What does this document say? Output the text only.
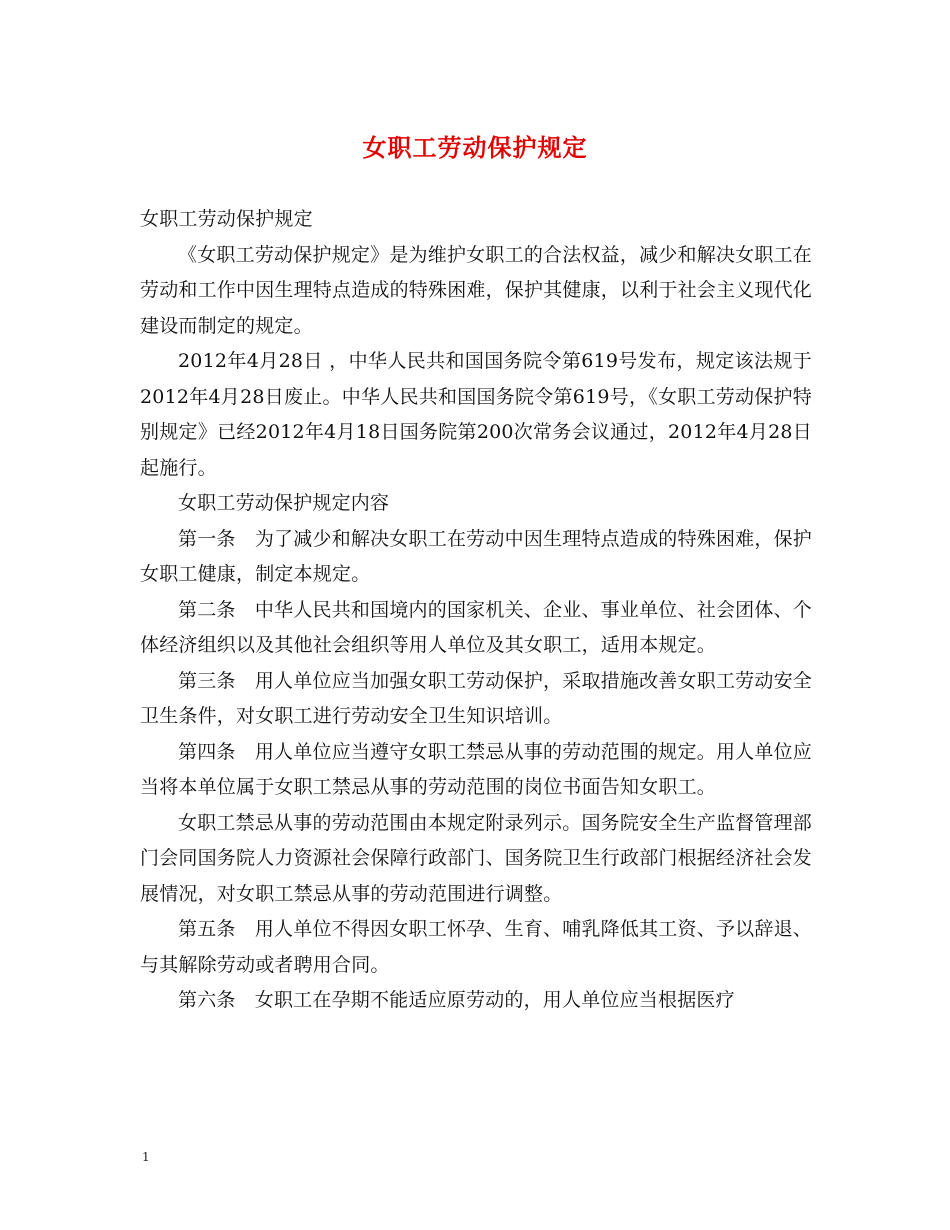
女职工劳动保护规定

女职工劳动保护规定

《女职工劳动保护规定》是为维护女职工的合法权益，减少和解决女职工在劳动和工作中因生理特点造成的特殊困难，保护其健康，以利于社会主义现代化建设而制定的规定。

2012年4月28日 ，中华人民共和国国务院令第619号发布，规定该法规于2012年4月28日废止。中华人民共和国国务院令第619号，《女职工劳动保护特别规定》已经2012年4月18日国务院第200次常务会议通过，2012年4月28日起施行。

女职工劳动保护规定内容

第一条　为了减少和解决女职工在劳动中因生理特点造成的特殊困难，保护女职工健康，制定本规定。

第二条　中华人民共和国境内的国家机关、企业、事业单位、社会团体、个体经济组织以及其他社会组织等用人单位及其女职工，适用本规定。

第三条　用人单位应当加强女职工劳动保护，采取措施改善女职工劳动安全卫生条件，对女职工进行劳动安全卫生知识培训。

第四条　用人单位应当遵守女职工禁忌从事的劳动范围的规定。用人单位应当将本单位属于女职工禁忌从事的劳动范围的岗位书面告知女职工。

女职工禁忌从事的劳动范围由本规定附录列示。国务院安全生产监督管理部门会同国务院人力资源社会保障行政部门、国务院卫生行政部门根据经济社会发展情况，对女职工禁忌从事的劳动范围进行调整。

第五条　用人单位不得因女职工怀孕、生育、哺乳降低其工资、予以辞退、与其解除劳动或者聘用合同。

第六条　女职工在孕期不能适应原劳动的，用人单位应当根据医疗

1
